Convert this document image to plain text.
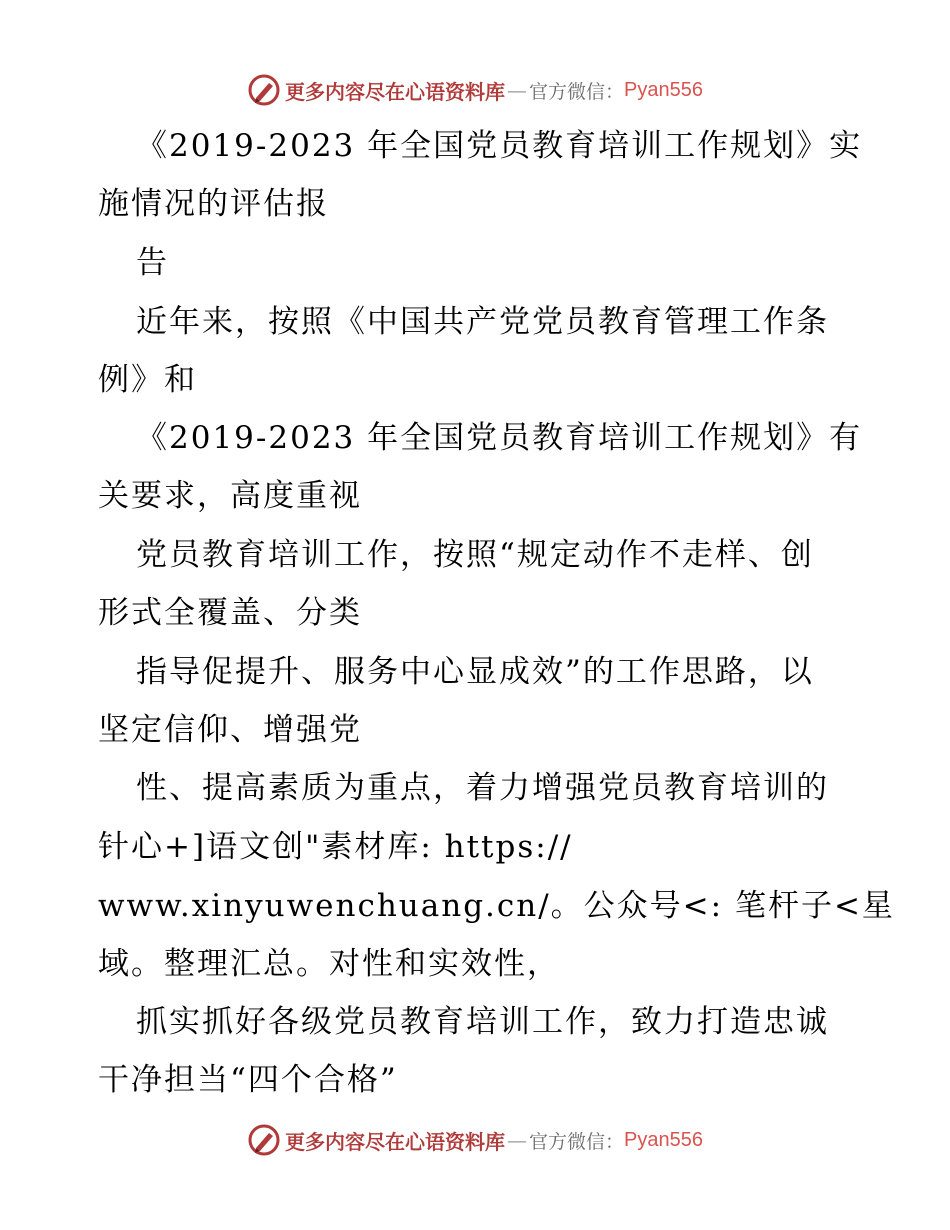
更多内容尽在心语资料库 — 官方微信： Pyan556
《2019-2023 年全国党员教育培训工作规划》实
施情况的评估报
告
近年来，按照《中国共产党党员教育管理工作条
例》和
《2019-2023 年全国党员教育培训工作规划》有
关要求，高度重视
党员教育培训工作，按照“规定动作不走样、创
形式全覆盖、分类
指导促提升、服务中心显成效”的工作思路，以
坚定信仰、增强党
性、提高素质为重点，着力增强党员教育培训的
针心+]语文创"素材库: https://
www.xinyuwenchuang.cn/。公众号<: 笔杆子<星
域。整理汇总。对性和实效性，
抓实抓好各级党员教育培训工作，致力打造忠诚
干净担当“四个合格”
更多内容尽在心语资料库 — 官方微信： Pyan556
